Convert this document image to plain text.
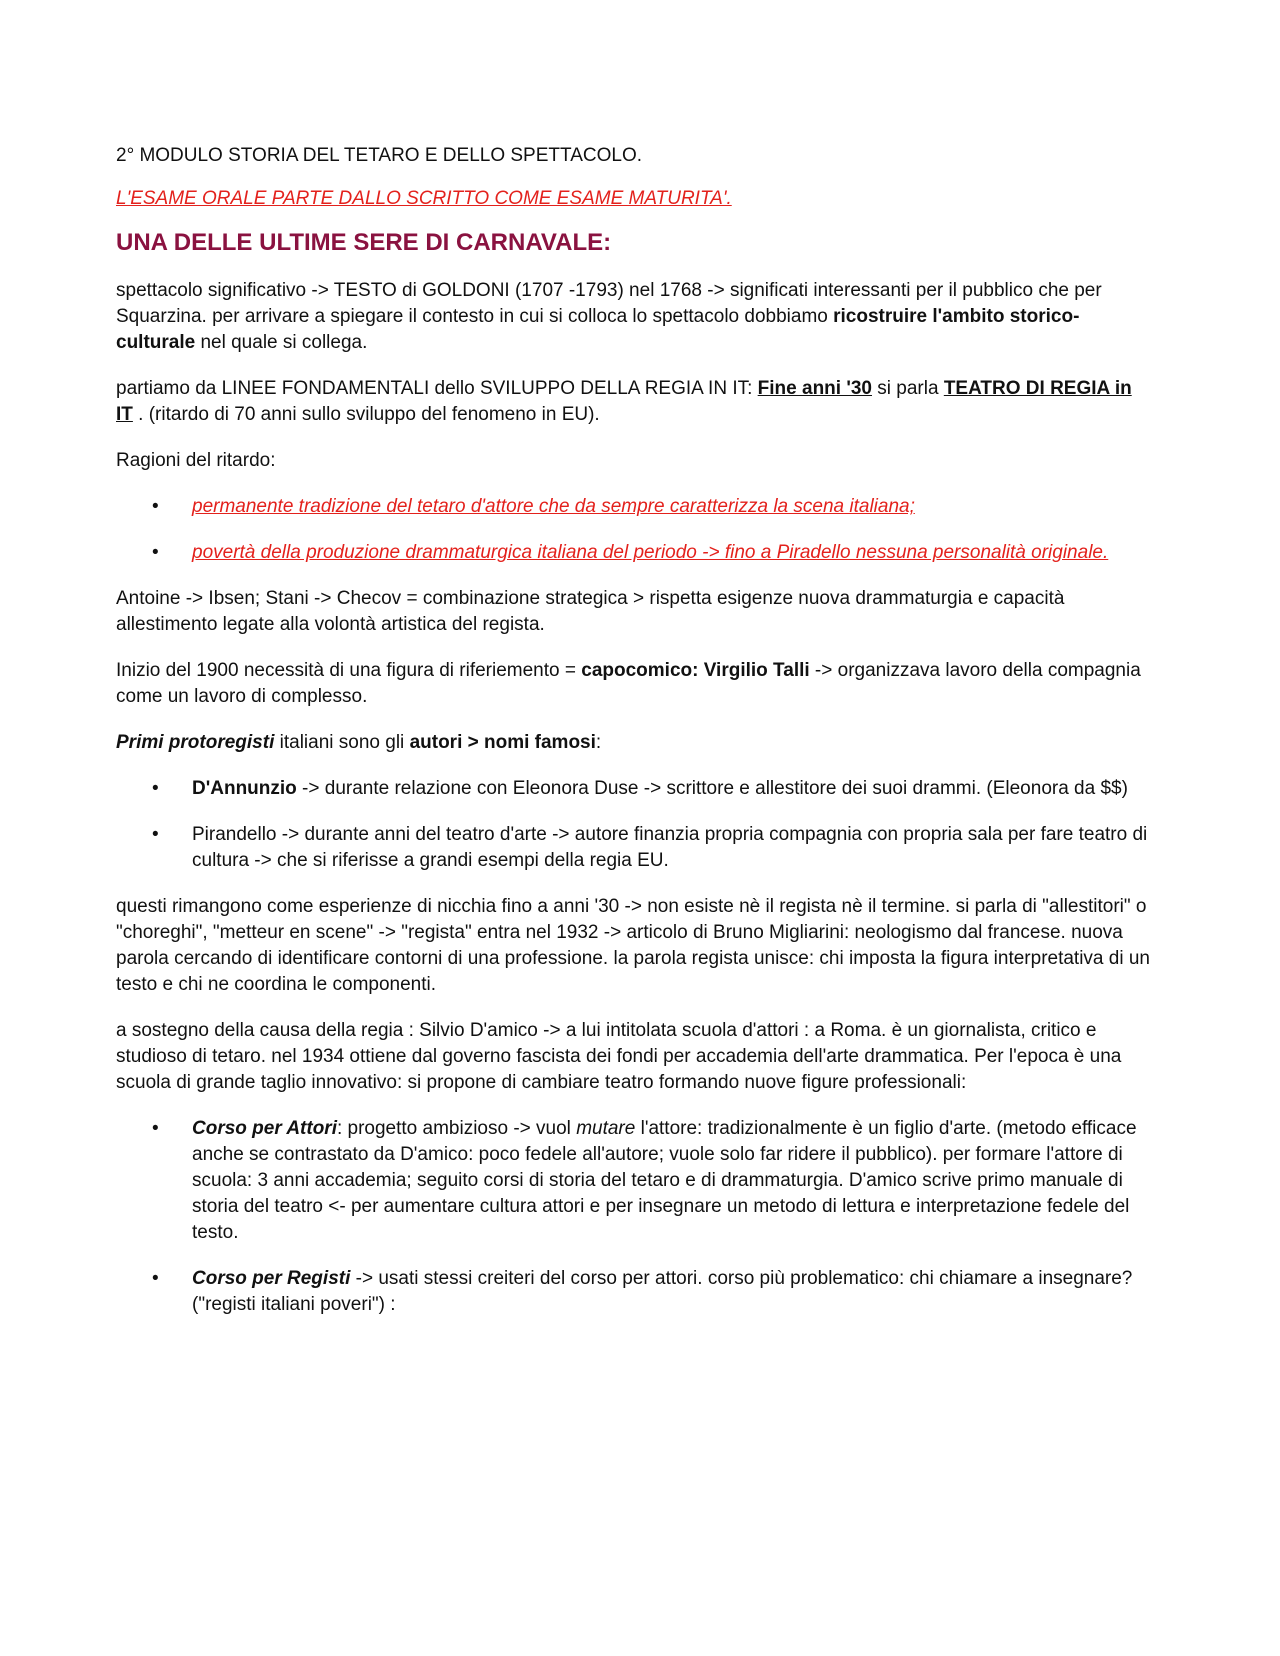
2° MODULO STORIA DEL TETARO E DELLO SPETTACOLO.

L'ESAME ORALE PARTE DALLO SCRITTO COME ESAME MATURITA'.

UNA DELLE ULTIME SERE DI CARNAVALE:

spettacolo significativo -> TESTO di GOLDONI (1707 -1793) nel 1768 -> significati interessanti per il pubblico che per Squarzina. per arrivare a spiegare il contesto in cui si colloca lo spettacolo dobbiamo ricostruire l'ambito storico-culturale nel quale si collega.

partiamo da LINEE FONDAMENTALI dello SVILUPPO DELLA REGIA IN IT: Fine anni '30 si parla TEATRO DI REGIA in IT . (ritardo di 70 anni sullo sviluppo del fenomeno in EU).

Ragioni del ritardo:

• permanente tradizione del tetaro d'attore che da sempre caratterizza la scena italiana;
• povertà della produzione drammaturgica italiana del periodo -> fino a Piradello nessuna personalità originale.

Antoine -> Ibsen; Stani -> Checov = combinazione strategica > rispetta esigenze nuova drammaturgia e capacità allestimento legate alla volontà artistica del regista.

Inizio del 1900 necessità di una figura di riferiemento = capocomico: Virgilio Talli -> organizzava lavoro della compagnia come un lavoro di complesso.

Primi protoregisti italiani sono gli autori > nomi famosi:

• D'Annunzio -> durante relazione con Eleonora Duse -> scrittore e allestitore dei suoi drammi. (Eleonora da $$)
• Pirandello -> durante anni del teatro d'arte -> autore finanzia propria compagnia con propria sala per fare teatro di cultura -> che si riferisse a grandi esempi della regia EU.

questi rimangono come esperienze di nicchia fino a anni '30 -> non esiste nè il regista nè il termine. si parla di "allestitori" o "choreghi", "metteur en scene" -> "regista" entra nel 1932 -> articolo di Bruno Migliarini: neologismo dal francese. nuova parola cercando di identificare contorni di una professione. la parola regista unisce: chi imposta la figura interpretativa di un testo e chi ne coordina le componenti.

a sostegno della causa della regia : Silvio D'amico -> a lui intitolata scuola d'attori : a Roma. è un giornalista, critico e studioso di tetaro. nel 1934 ottiene dal governo fascista dei fondi per accademia dell'arte drammatica. Per l'epoca è una scuola di grande taglio innovativo: si propone di cambiare teatro formando nuove figure professionali:

• Corso per Attori: progetto ambizioso -> vuol mutare l'attore: tradizionalmente è un figlio d'arte. (metodo efficace anche se contrastato da D'amico: poco fedele all'autore; vuole solo far ridere il pubblico). per formare l'attore di scuola: 3 anni accademia; seguito corsi di storia del tetaro e di drammaturgia. D'amico scrive primo manuale di storia del teatro <- per aumentare cultura attori e per insegnare un metodo di lettura e interpretazione fedele del testo.
• Corso per Registi -> usati stessi creiteri del corso per attori. corso più problematico: chi chiamare a insegnare? ("registi italiani poveri") :
